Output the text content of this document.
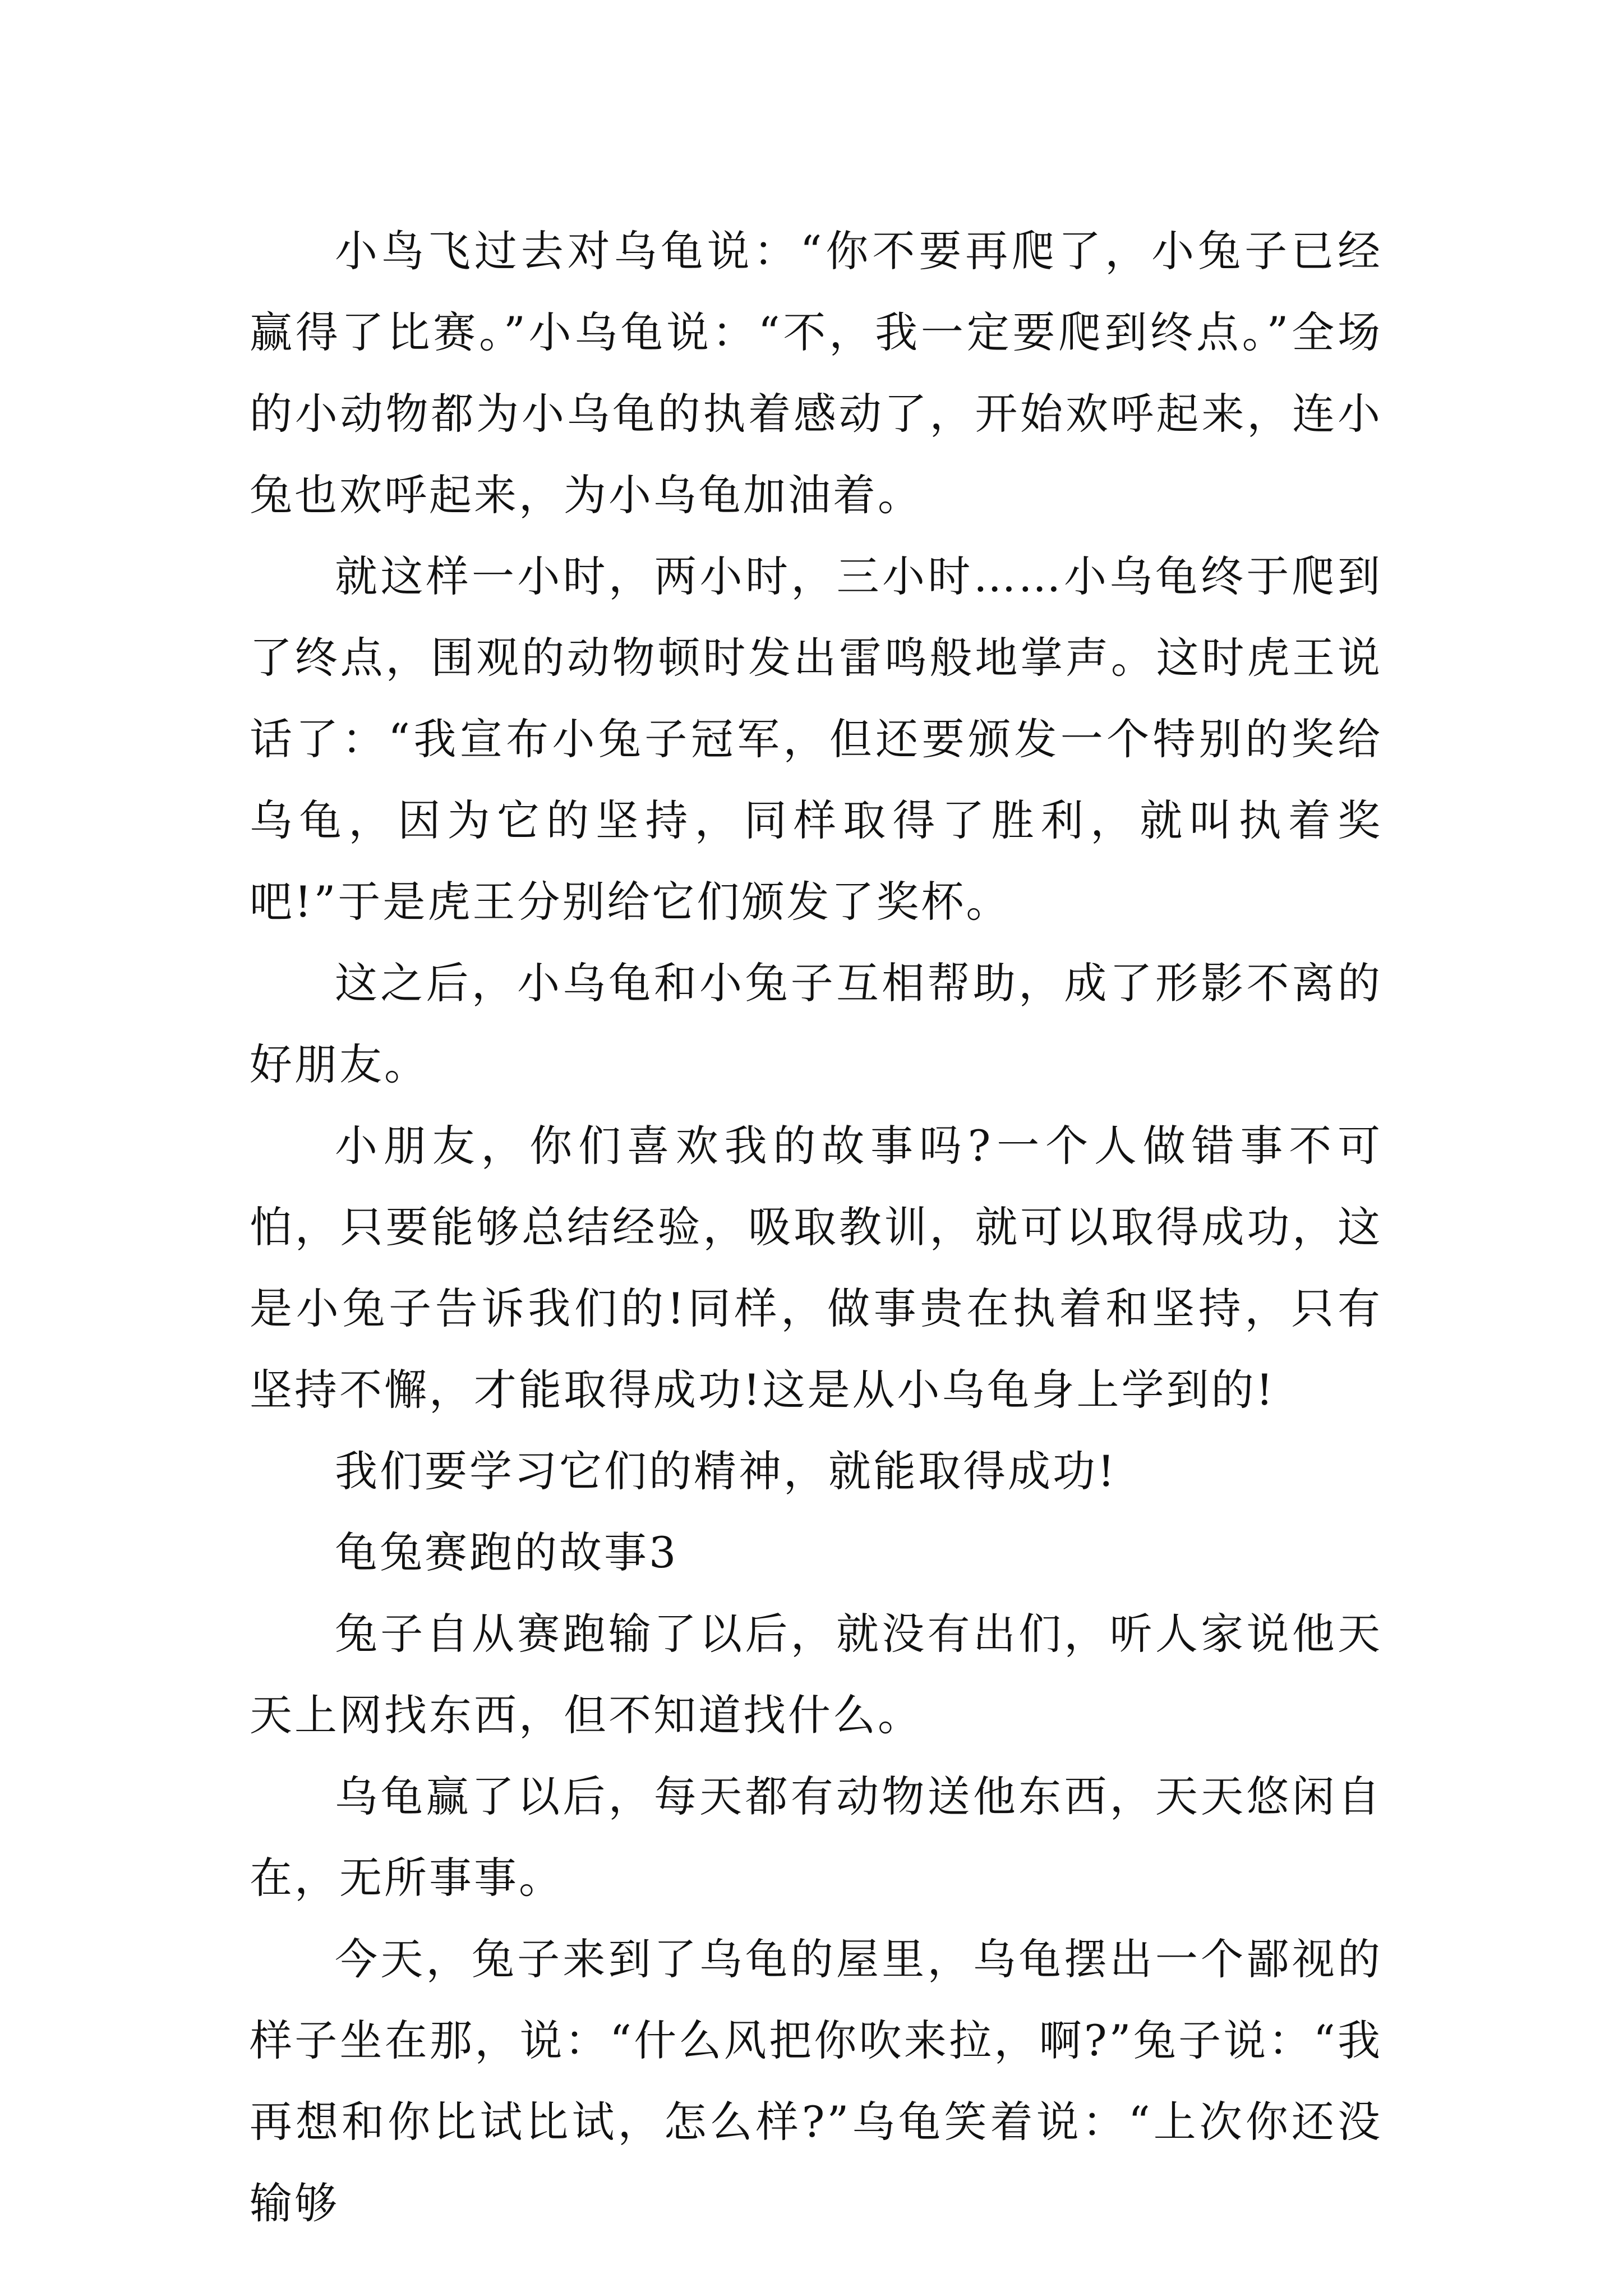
小鸟飞过去对乌龟说：“你不要再爬了，小兔子已经赢得了比赛。”小乌龟说：“不，我一定要爬到终点。”全场的小动物都为小乌龟的执着感动了，开始欢呼起来，连小兔也欢呼起来，为小乌龟加油着。

就这样一小时，两小时，三小时……小乌龟终于爬到了终点，围观的动物顿时发出雷鸣般地掌声。这时虎王说话了：“我宣布小兔子冠军，但还要颁发一个特别的奖给乌龟，因为它的坚持，同样取得了胜利，就叫执着奖吧!”于是虎王分别给它们颁发了奖杯。

这之后，小乌龟和小兔子互相帮助，成了形影不离的好朋友。

小朋友，你们喜欢我的故事吗?一个人做错事不可怕，只要能够总结经验，吸取教训，就可以取得成功，这是小兔子告诉我们的!同样，做事贵在执着和坚持，只有坚持不懈，才能取得成功!这是从小乌龟身上学到的!

我们要学习它们的精神，就能取得成功!

龟兔赛跑的故事3

兔子自从赛跑输了以后，就没有出们，听人家说他天天上网找东西，但不知道找什么。

乌龟赢了以后，每天都有动物送他东西，天天悠闲自在，无所事事。

今天，兔子来到了乌龟的屋里，乌龟摆出一个鄙视的样子坐在那，说：“什么风把你吹来拉，啊?”兔子说：“我再想和你比试比试，怎么样?”乌龟笑着说：“上次你还没输够
